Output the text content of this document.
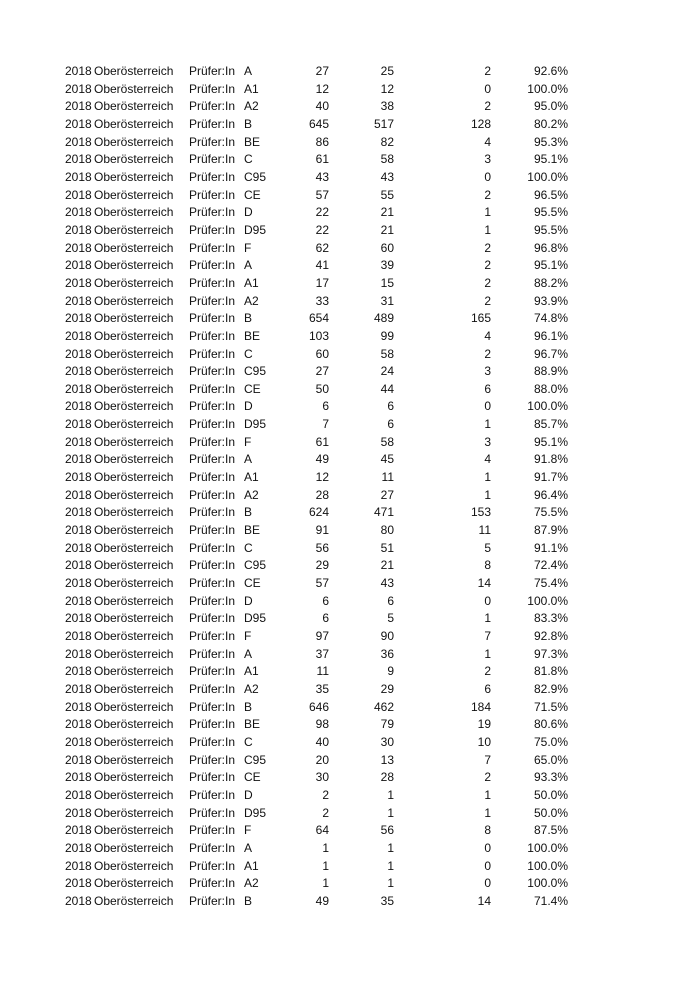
2018 Oberösterreich Prüfer:In A	27	25	2	92.6%
2018 Oberösterreich Prüfer:In A1	12	12	0	100.0%
2018 Oberösterreich Prüfer:In A2	40	38	2	95.0%
2018 Oberösterreich Prüfer:In B	645	517	128	80.2%
2018 Oberösterreich Prüfer:In BE	86	82	4	95.3%
2018 Oberösterreich Prüfer:In C	61	58	3	95.1%
2018 Oberösterreich Prüfer:In C95	43	43	0	100.0%
2018 Oberösterreich Prüfer:In CE	57	55	2	96.5%
2018 Oberösterreich Prüfer:In D	22	21	1	95.5%
2018 Oberösterreich Prüfer:In D95	22	21	1	95.5%
2018 Oberösterreich Prüfer:In F	62	60	2	96.8%
2018 Oberösterreich Prüfer:In A	41	39	2	95.1%
2018 Oberösterreich Prüfer:In A1	17	15	2	88.2%
2018 Oberösterreich Prüfer:In A2	33	31	2	93.9%
2018 Oberösterreich Prüfer:In B	654	489	165	74.8%
2018 Oberösterreich Prüfer:In BE	103	99	4	96.1%
2018 Oberösterreich Prüfer:In C	60	58	2	96.7%
2018 Oberösterreich Prüfer:In C95	27	24	3	88.9%
2018 Oberösterreich Prüfer:In CE	50	44	6	88.0%
2018 Oberösterreich Prüfer:In D	6	6	0	100.0%
2018 Oberösterreich Prüfer:In D95	7	6	1	85.7%
2018 Oberösterreich Prüfer:In F	61	58	3	95.1%
2018 Oberösterreich Prüfer:In A	49	45	4	91.8%
2018 Oberösterreich Prüfer:In A1	12	11	1	91.7%
2018 Oberösterreich Prüfer:In A2	28	27	1	96.4%
2018 Oberösterreich Prüfer:In B	624	471	153	75.5%
2018 Oberösterreich Prüfer:In BE	91	80	11	87.9%
2018 Oberösterreich Prüfer:In C	56	51	5	91.1%
2018 Oberösterreich Prüfer:In C95	29	21	8	72.4%
2018 Oberösterreich Prüfer:In CE	57	43	14	75.4%
2018 Oberösterreich Prüfer:In D	6	6	0	100.0%
2018 Oberösterreich Prüfer:In D95	6	5	1	83.3%
2018 Oberösterreich Prüfer:In F	97	90	7	92.8%
2018 Oberösterreich Prüfer:In A	37	36	1	97.3%
2018 Oberösterreich Prüfer:In A1	11	9	2	81.8%
2018 Oberösterreich Prüfer:In A2	35	29	6	82.9%
2018 Oberösterreich Prüfer:In B	646	462	184	71.5%
2018 Oberösterreich Prüfer:In BE	98	79	19	80.6%
2018 Oberösterreich Prüfer:In C	40	30	10	75.0%
2018 Oberösterreich Prüfer:In C95	20	13	7	65.0%
2018 Oberösterreich Prüfer:In CE	30	28	2	93.3%
2018 Oberösterreich Prüfer:In D	2	1	1	50.0%
2018 Oberösterreich Prüfer:In D95	2	1	1	50.0%
2018 Oberösterreich Prüfer:In F	64	56	8	87.5%
2018 Oberösterreich Prüfer:In A	1	1	0	100.0%
2018 Oberösterreich Prüfer:In A1	1	1	0	100.0%
2018 Oberösterreich Prüfer:In A2	1	1	0	100.0%
2018 Oberösterreich Prüfer:In B	49	35	14	71.4%
